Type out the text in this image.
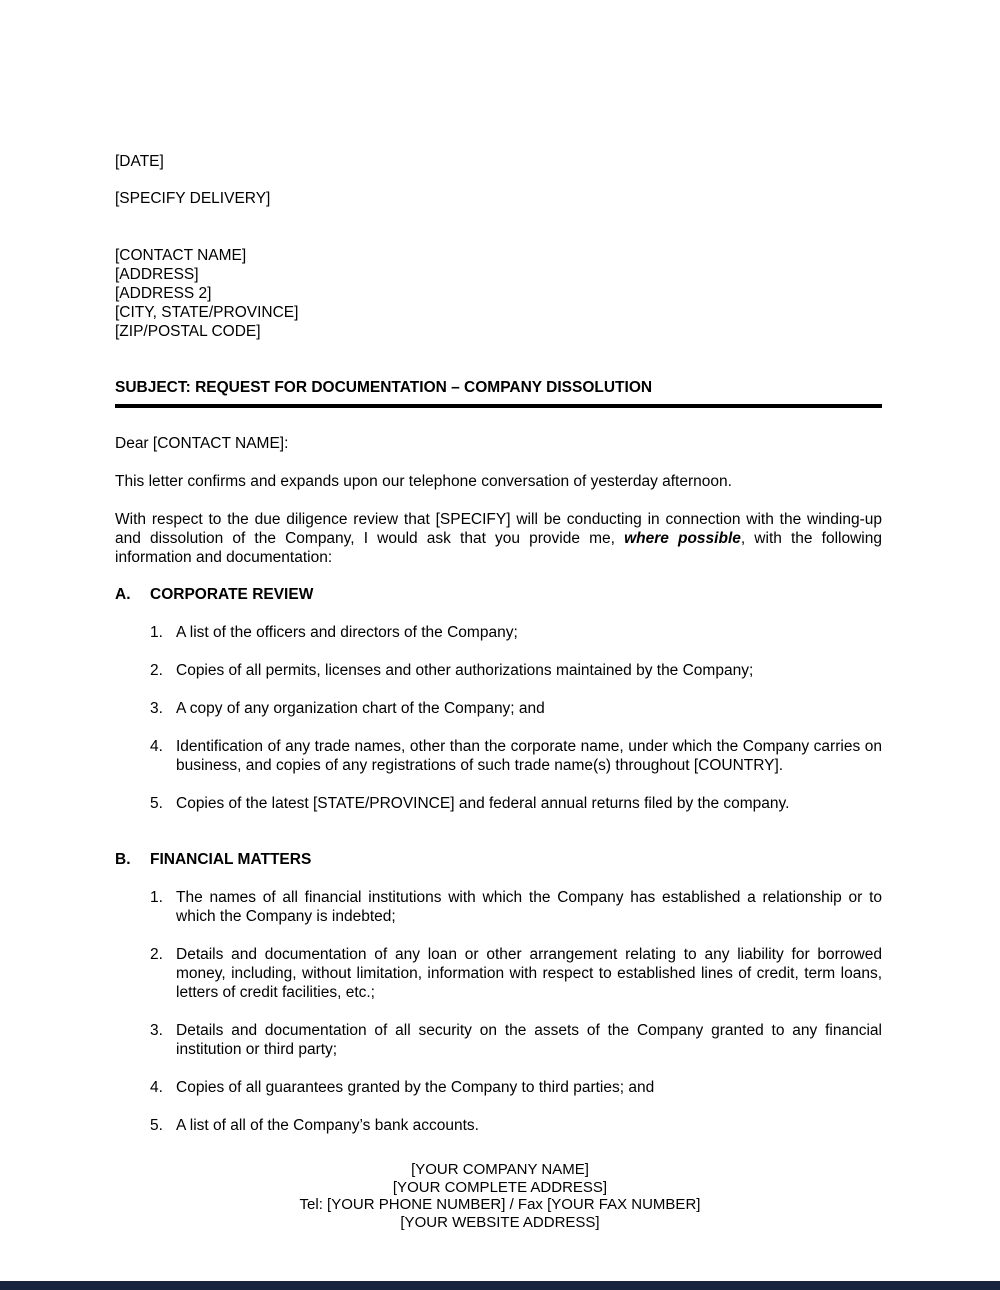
[DATE]

[SPECIFY DELIVERY]

[CONTACT NAME]

[ADDRESS]

[ADDRESS 2]

[CITY, STATE/PROVINCE]

[ZIP/POSTAL CODE]

SUBJECT: REQUEST FOR DOCUMENTATION – COMPANY DISSOLUTION

Dear [CONTACT NAME]:

This letter confirms and expands upon our telephone conversation of yesterday afternoon.

With respect to the due diligence review that [SPECIFY] will be conducting in connection with the winding-up and dissolution of the Company, I would ask that you provide me, where possible, with the following information and documentation:

A.	CORPORATE REVIEW
1. A list of the officers and directors of the Company;
2. Copies of all permits, licenses and other authorizations maintained by the Company;
3. A copy of any organization chart of the Company; and
4. Identification of any trade names, other than the corporate name, under which the Company carries on business, and copies of any registrations of such trade name(s) throughout [COUNTRY].
5. Copies of the latest [STATE/PROVINCE] and federal annual returns filed by the company.
B.	FINANCIAL MATTERS
1. The names of all financial institutions with which the Company has established a relationship or to which the Company is indebted;
2. Details and documentation of any loan or other arrangement relating to any liability for borrowed money, including, without limitation, information with respect to established lines of credit, term loans, letters of credit facilities, etc.;
3. Details and documentation of all security on the assets of the Company granted to any financial institution or third party;
4. Copies of all guarantees granted by the Company to third parties; and
5. A list of all of the Company’s bank accounts.

[YOUR COMPANY NAME]

[YOUR COMPLETE ADDRESS]

Tel: [YOUR PHONE NUMBER] / Fax [YOUR FAX NUMBER]

[YOUR WEBSITE ADDRESS]
